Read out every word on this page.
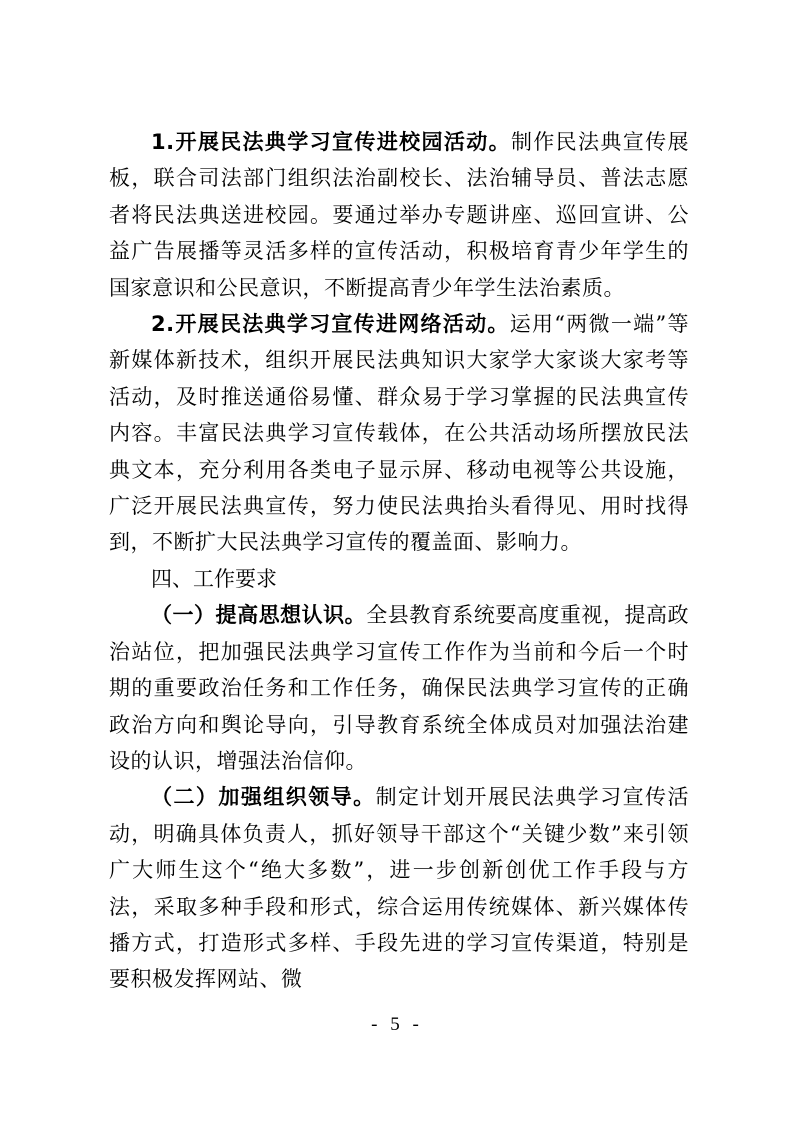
1.开展民法典学习宣传进校园活动。制作民法典宣传展板，联合司法部门组织法治副校长、法治辅导员、普法志愿者将民法典送进校园。要通过举办专题讲座、巡回宣讲、公益广告展播等灵活多样的宣传活动，积极培育青少年学生的国家意识和公民意识，不断提高青少年学生法治素质。

2.开展民法典学习宣传进网络活动。运用“两微一端”等新媒体新技术，组织开展民法典知识大家学大家谈大家考等活动，及时推送通俗易懂、群众易于学习掌握的民法典宣传内容。丰富民法典学习宣传载体，在公共活动场所摆放民法典文本，充分利用各类电子显示屏、移动电视等公共设施，广泛开展民法典宣传，努力使民法典抬头看得见、用时找得到，不断扩大民法典学习宣传的覆盖面、影响力。

四、工作要求

（一）提高思想认识。全县教育系统要高度重视，提高政治站位，把加强民法典学习宣传工作作为当前和今后一个时期的重要政治任务和工作任务，确保民法典学习宣传的正确政治方向和舆论导向，引导教育系统全体成员对加强法治建设的认识，增强法治信仰。

（二）加强组织领导。制定计划开展民法典学习宣传活动，明确具体负责人，抓好领导干部这个“关键少数”来引领广大师生这个“绝大多数”，进一步创新创优工作手段与方法，采取多种手段和形式，综合运用传统媒体、新兴媒体传播方式，打造形式多样、手段先进的学习宣传渠道，特别是要积极发挥网站、微

- 5 -
